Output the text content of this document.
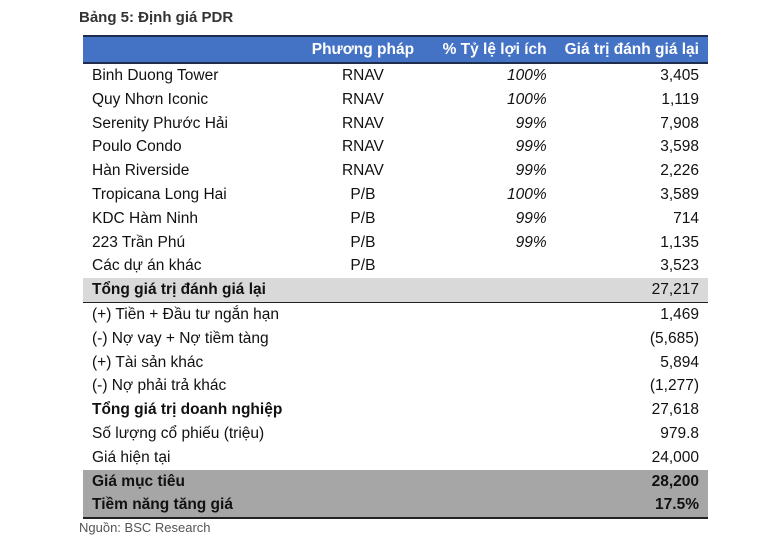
Bảng 5: Định giá PDR
	Phương pháp	% Tỷ lệ lợi ích	Giá trị đánh giá lại
Binh Duong Tower	RNAV	100%	3,405
Quy Nhơn Iconic	RNAV	100%	1,119
Serenity Phước Hải	RNAV	99%	7,908
Poulo Condo	RNAV	99%	3,598
Hàn Riverside	RNAV	99%	2,226
Tropicana Long Hai	P/B	100%	3,589
KDC Hàm Ninh	P/B	99%	714
223 Trần Phú	P/B	99%	1,135
Các dự án khác	P/B		3,523
Tổng giá trị đánh giá lại			27,217
(+) Tiền + Đầu tư ngắn hạn			1,469
(-) Nợ vay + Nợ tiềm tàng			(5,685)
(+) Tài sản khác			5,894
(-) Nợ phải trả khác			(1,277)
Tổng giá trị doanh nghiệp			27,618
Số lượng cổ phiếu (triệu)			979.8
Giá hiện tại			24,000
Giá mục tiêu			28,200
Tiềm năng tăng giá			17.5%
Nguồn: BSC Research
